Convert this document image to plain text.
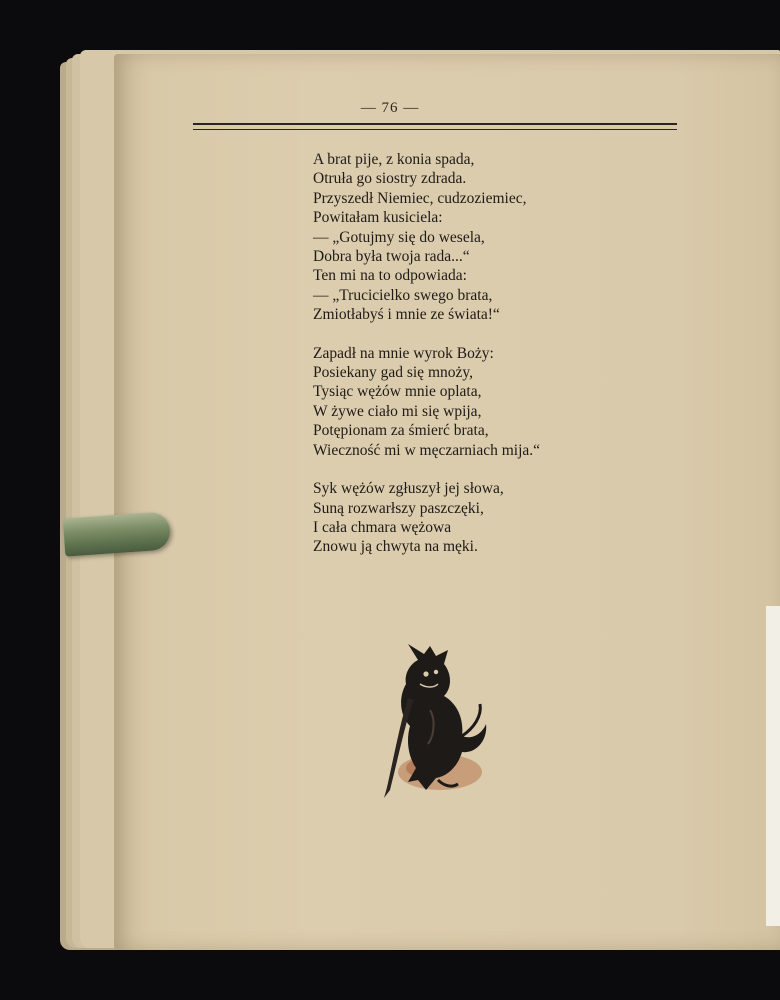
— 76 —
A brat pije, z konia spada,
Otruła go siostry zdrada.
Przyszedł Niemiec, cudzoziemiec,
Powitałam kusiciela:
— „Gotujmy się do wesela,
Dobra była twoja rada...“
Ten mi na to odpowiada:
— „Trucicielko swego brata,
Zmiotłabyś i mnie ze świata!“
Zapadł na mnie wyrok Boży:
Posiekany gad się mnoży,
Tysiąc wężów mnie oplata,
W żywe ciało mi się wpija,
Potępionam za śmierć brata,
Wieczność mi w męczarniach mija.“
Syk wężów zgłuszył jej słowa,
Suną rozwarłszy paszczęki,
I cała chmara wężowa
Znowu ją chwyta na męki.
